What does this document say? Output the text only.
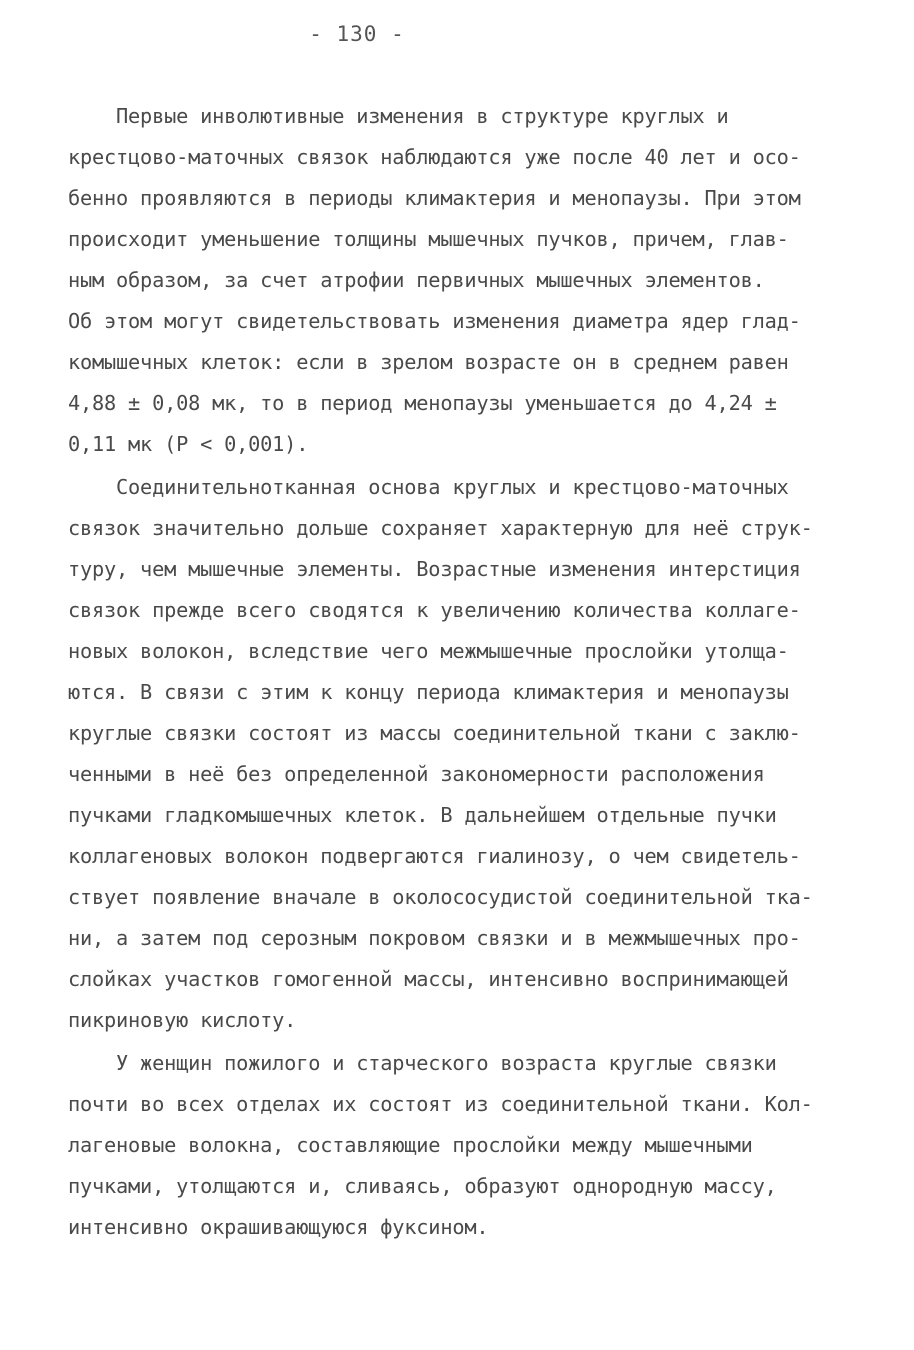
- 130 -
Первые инволютивные изменения в структуре круглых и
крестцово-маточных связок наблюдаются уже после 40 лет и осо-
бенно проявляются в периоды климактерия и менопаузы. При этом
происходит уменьшение толщины мышечных пучков, причем, глав-
ным образом, за счет атрофии первичных мышечных элементов.
Об этом могут свидетельствовать изменения диаметра ядер глад-
комышечных клеток: если в зрелом возрасте он в среднем равен
4,88 ± 0,08 мк, то в период менопаузы уменьшается до 4,24 ±
0,11 мк (P < 0,001).
Соединительнотканная основа круглых и крестцово-маточных
связок значительно дольше сохраняет характерную для неё струк-
туру, чем мышечные элементы. Возрастные изменения интерстиция
связок прежде всего сводятся к увеличению количества коллаге-
новых волокон, вследствие чего межмышечные прослойки утолща-
ются. В связи с этим к концу периода климактерия и менопаузы
круглые связки состоят из массы соединительной ткани с заклю-
ченными в неё без определенной закономерности расположения
пучками гладкомышечных клеток. В дальнейшем отдельные пучки
коллагеновых волокон подвергаются гиалинозу, о чем свидетель-
ствует появление вначале в околососудистой соединительной тка-
ни, а затем под серозным покровом связки и в межмышечных про-
слойках участков гомогенной массы, интенсивно воспринимающей
пикриновую кислоту.
У женщин пожилого и старческого возраста круглые связки
почти во всех отделах их состоят из соединительной ткани. Кол-
лагеновые волокна, составляющие прослойки между мышечными
пучками, утолщаются и, сливаясь, образуют однородную массу,
интенсивно окрашивающуюся фуксином.
